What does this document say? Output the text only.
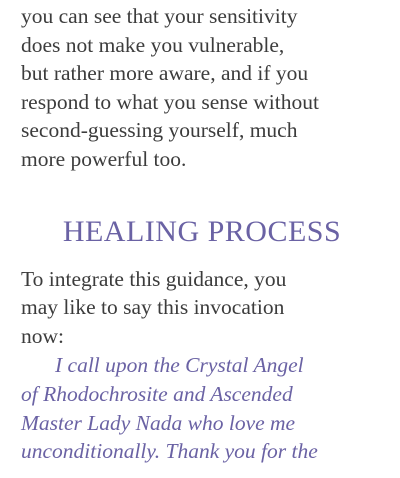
you can see that your sensitivity
does not make you vulnerable,
but rather more aware, and if you
respond to what you sense without
second-guessing yourself, much
more powerful too.

HEALING PROCESS

To integrate this guidance, you
may like to say this invocation
now:

I call upon the Crystal Angel
of Rhodochrosite and Ascended
Master Lady Nada who love me
unconditionally. Thank you for the
